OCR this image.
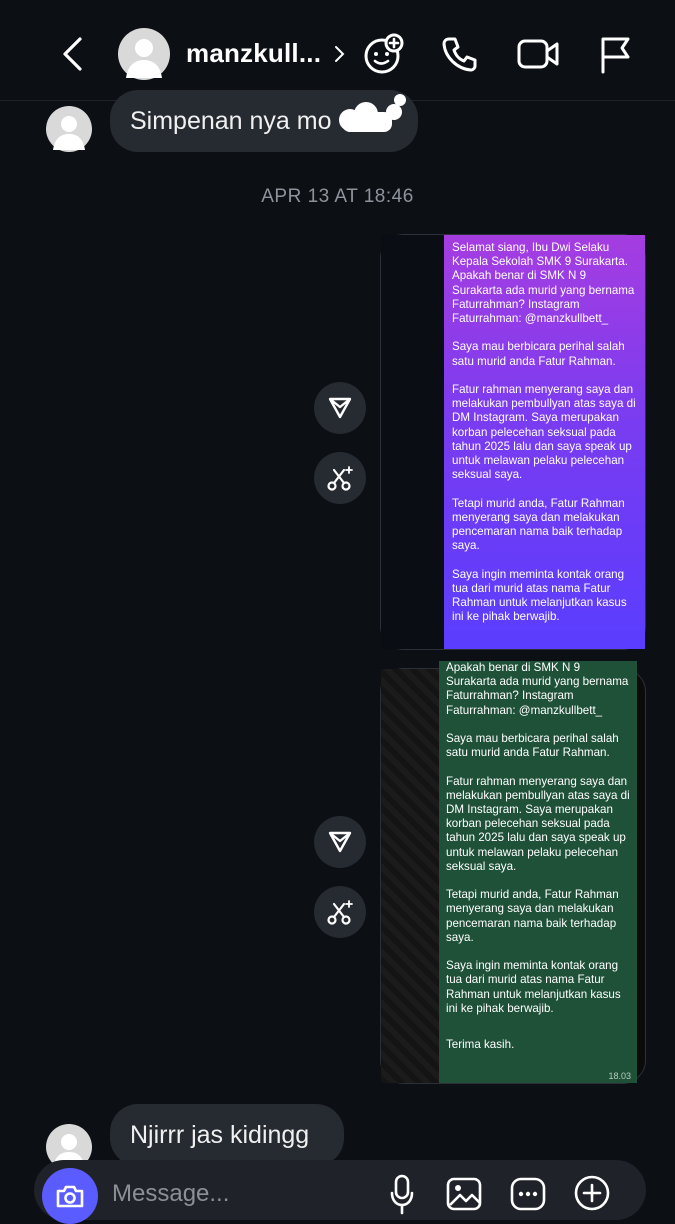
manzkull...
Simpenan nya mo
APR 13 AT 18:46

Selamat siang, Ibu Dwi Selaku Kepala Sekolah SMK 9 Surakarta. Apakah benar di SMK N 9 Surakarta ada murid yang bernama Faturrahman? Instagram Faturrahman: @manzkullbett_

Saya mau berbicara perihal salah satu murid anda Fatur Rahman.

Fatur rahman menyerang saya dan melakukan pembullyan atas saya di DM Instagram. Saya merupakan korban pelecehan seksual pada tahun 2025 lalu dan saya speak up untuk melawan pelaku pelecehan seksual saya.

Tetapi murid anda, Fatur Rahman menyerang saya dan melakukan pencemaran nama baik terhadap saya.

Saya ingin meminta kontak orang tua dari murid atas nama Fatur Rahman untuk melanjutkan kasus ini ke pihak berwajib.

Apakah benar di SMK N 9 Surakarta ada murid yang bernama Faturrahman? Instagram Faturrahman: @manzkullbett_

Saya mau berbicara perihal salah satu murid anda Fatur Rahman.

Fatur rahman menyerang saya dan melakukan pembullyan atas saya di DM Instagram. Saya merupakan korban pelecehan seksual pada tahun 2025 lalu dan saya speak up untuk melawan pelaku pelecehan seksual saya.

Tetapi murid anda, Fatur Rahman menyerang saya dan melakukan pencemaran nama baik terhadap saya.

Saya ingin meminta kontak orang tua dari murid atas nama Fatur Rahman untuk melanjutkan kasus ini ke pihak berwajib.

Terima kasih.

18.03
Njirrr jas kidingg
Message...
